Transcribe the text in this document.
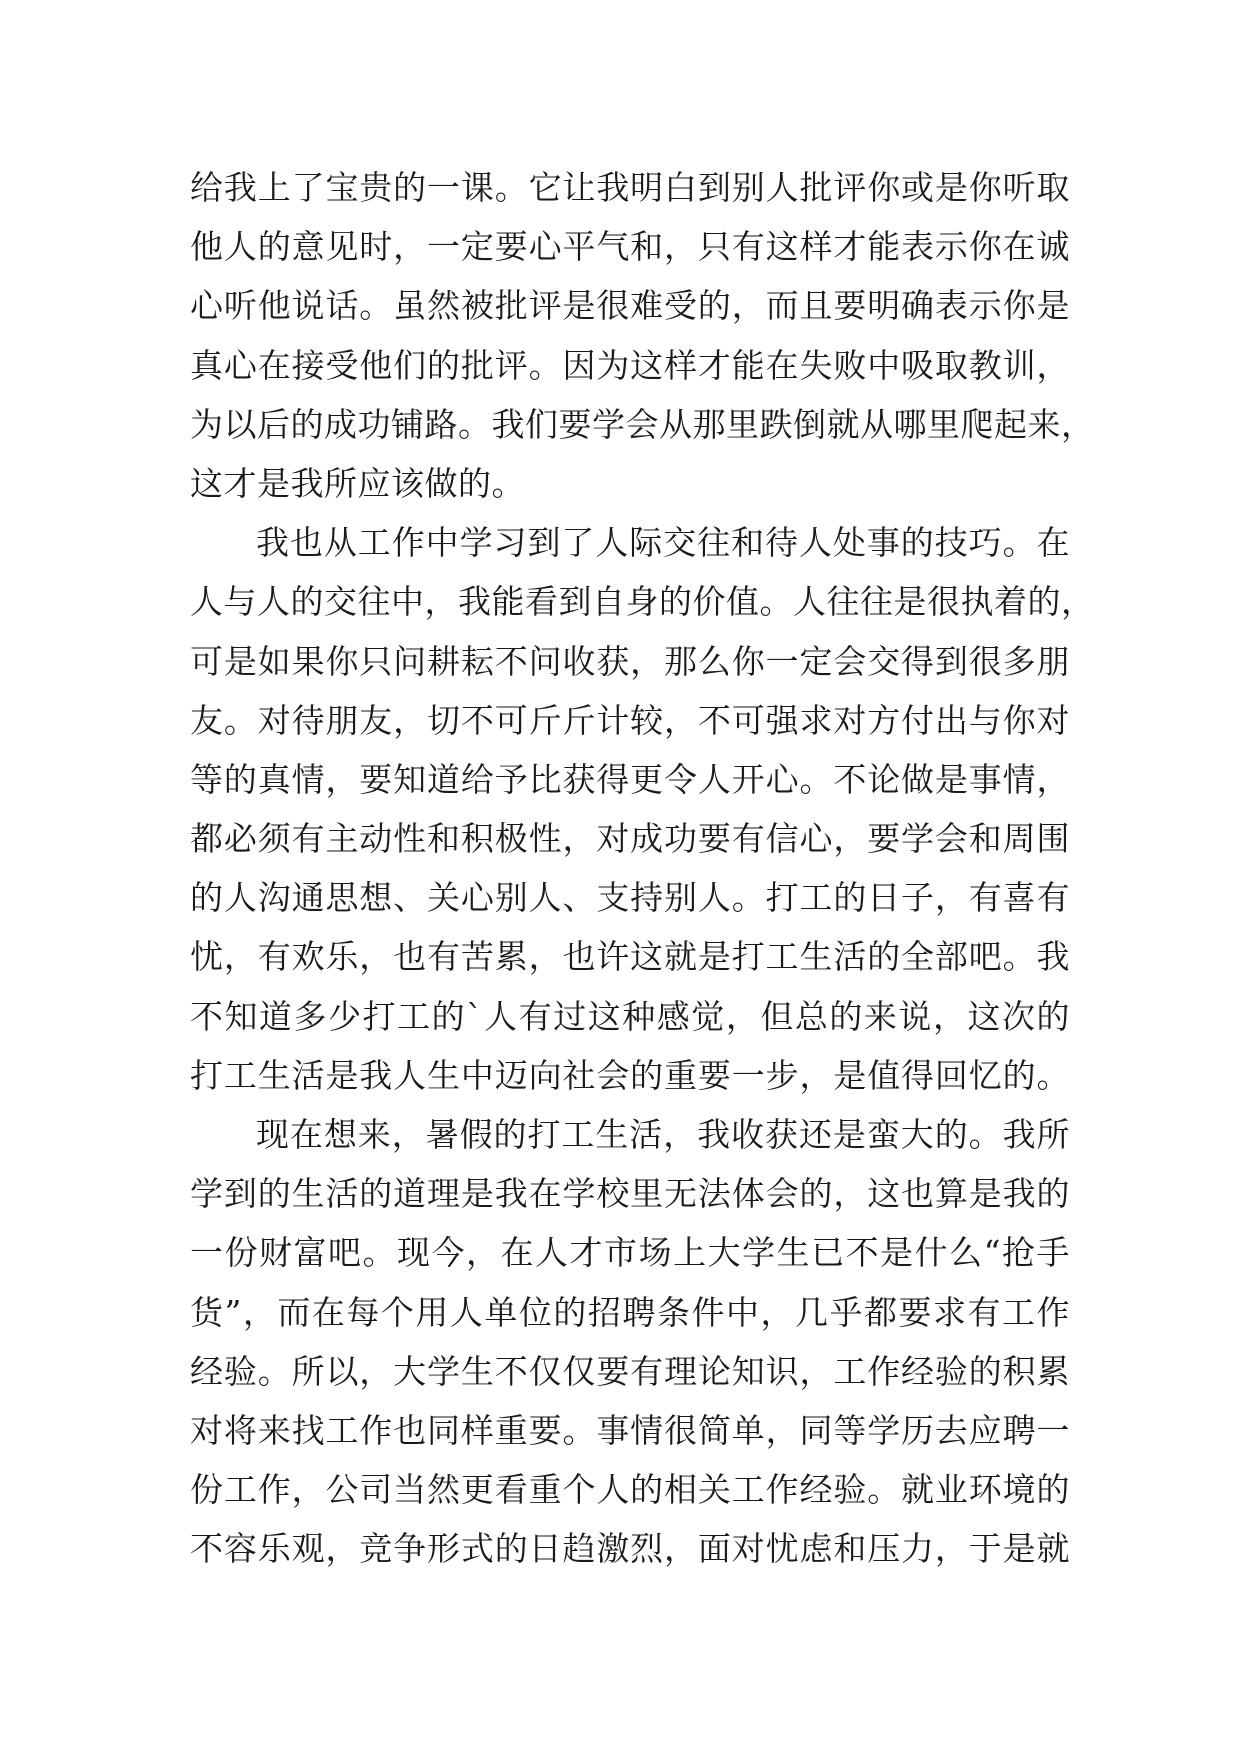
给我上了宝贵的一课。它让我明白到别人批评你或是你听取
他人的意见时，一定要心平气和，只有这样才能表示你在诚
心听他说话。虽然被批评是很难受的，而且要明确表示你是
真心在接受他们的批评。因为这样才能在失败中吸取教训，
为以后的成功铺路。我们要学会从那里跌倒就从哪里爬起来，
这才是我所应该做的。
我也从工作中学习到了人际交往和待人处事的技巧。在
人与人的交往中，我能看到自身的价值。人往往是很执着的，
可是如果你只问耕耘不问收获，那么你一定会交得到很多朋
友。对待朋友，切不可斤斤计较，不可强求对方付出与你对
等的真情，要知道给予比获得更令人开心。不论做是事情，
都必须有主动性和积极性，对成功要有信心，要学会和周围
的人沟通思想、关心别人、支持别人。打工的日子，有喜有
忧，有欢乐，也有苦累，也许这就是打工生活的全部吧。我
不知道多少打工的`人有过这种感觉，但总的来说，这次的
打工生活是我人生中迈向社会的重要一步，是值得回忆的。
现在想来，暑假的打工生活，我收获还是蛮大的。我所
学到的生活的道理是我在学校里无法体会的，这也算是我的
一份财富吧。现今，在人才市场上大学生已不是什么“抢手
货”，而在每个用人单位的招聘条件中，几乎都要求有工作
经验。所以，大学生不仅仅要有理论知识，工作经验的积累
对将来找工作也同样重要。事情很简单，同等学历去应聘一
份工作，公司当然更看重个人的相关工作经验。就业环境的
不容乐观，竞争形式的日趋激烈，面对忧虑和压力，于是就
